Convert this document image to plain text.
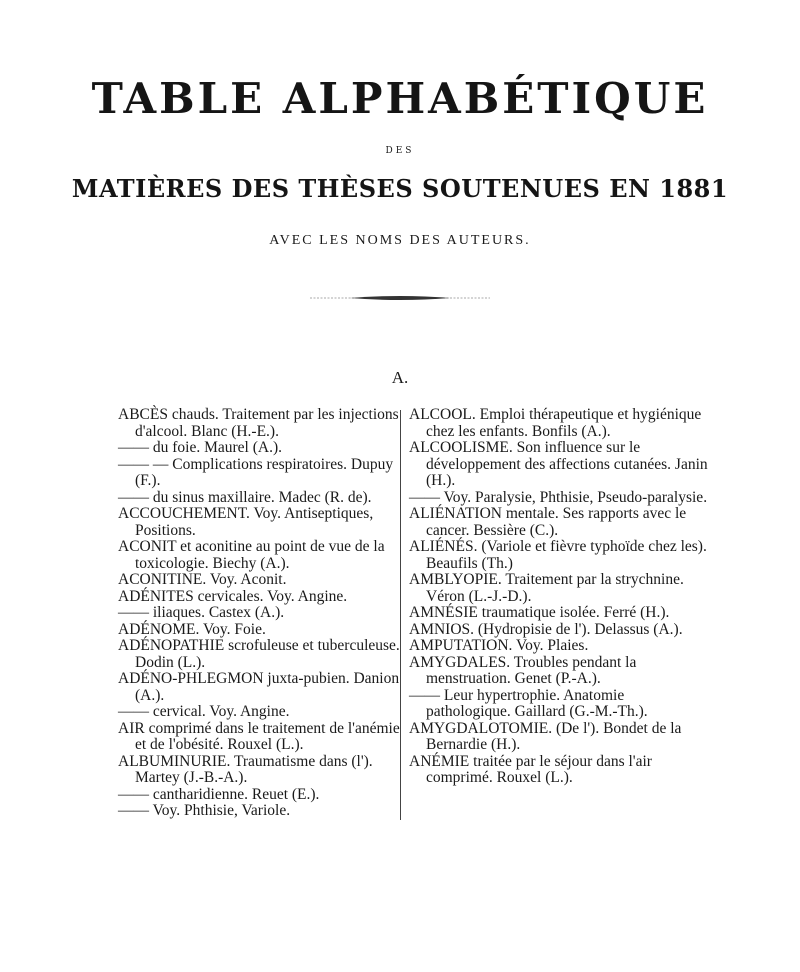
TABLE ALPHABÉTIQUE
DES
MATIÈRES DES THÈSES SOUTENUES EN 1881
AVEC LES NOMS DES AUTEURS.
A.

ABCÈS chauds. Traitement par les injections d'alcool. Blanc (H.-E.).

—— du foie. Maurel (A.).

—— — Complications respiratoires. Dupuy (F.).

—— du sinus maxillaire. Madec (R. de).

ACCOUCHEMENT. Voy. Antiseptiques, Positions.

ACONIT et aconitine au point de vue de la toxicologie. Biechy (A.).

ACONITINE. Voy. Aconit.

ADÉNITES cervicales. Voy. Angine.

—— iliaques. Castex (A.).

ADÉNOME. Voy. Foie.

ADÉNOPATHIE scrofuleuse et tuberculeuse. Dodin (L.).

ADÉNO-PHLEGMON juxta-pubien. Danion (A.).

—— cervical. Voy. Angine.

AIR comprimé dans le traitement de l'anémie et de l'obésité. Rouxel (L.).

ALBUMINURIE. Traumatisme dans (l'). Martey (J.-B.-A.).

—— cantharidienne. Reuet (E.).

—— Voy. Phthisie, Variole.

ALCOOL. Emploi thérapeutique et hygiénique chez les enfants. Bonfils (A.).

ALCOOLISME. Son influence sur le développement des affections cutanées. Janin (H.).

—— Voy. Paralysie, Phthisie, Pseudo-paralysie.

ALIÉNATION mentale. Ses rapports avec le cancer. Bessière (C.).

ALIÉNÉS. (Variole et fièvre typhoïde chez les). Beaufils (Th.)

AMBLYOPIE. Traitement par la strychnine. Véron (L.-J.-D.).

AMNÉSIE traumatique isolée. Ferré (H.).

AMNIOS. (Hydropisie de l'). Delassus (A.).

AMPUTATION. Voy. Plaies.

AMYGDALES. Troubles pendant la menstruation. Genet (P.-A.).

—— Leur hypertrophie. Anatomie pathologique. Gaillard (G.-M.-Th.).

AMYGDALOTOMIE. (De l'). Bondet de la Bernardie (H.).

ANÉMIE traitée par le séjour dans l'air comprimé. Rouxel (L.).
